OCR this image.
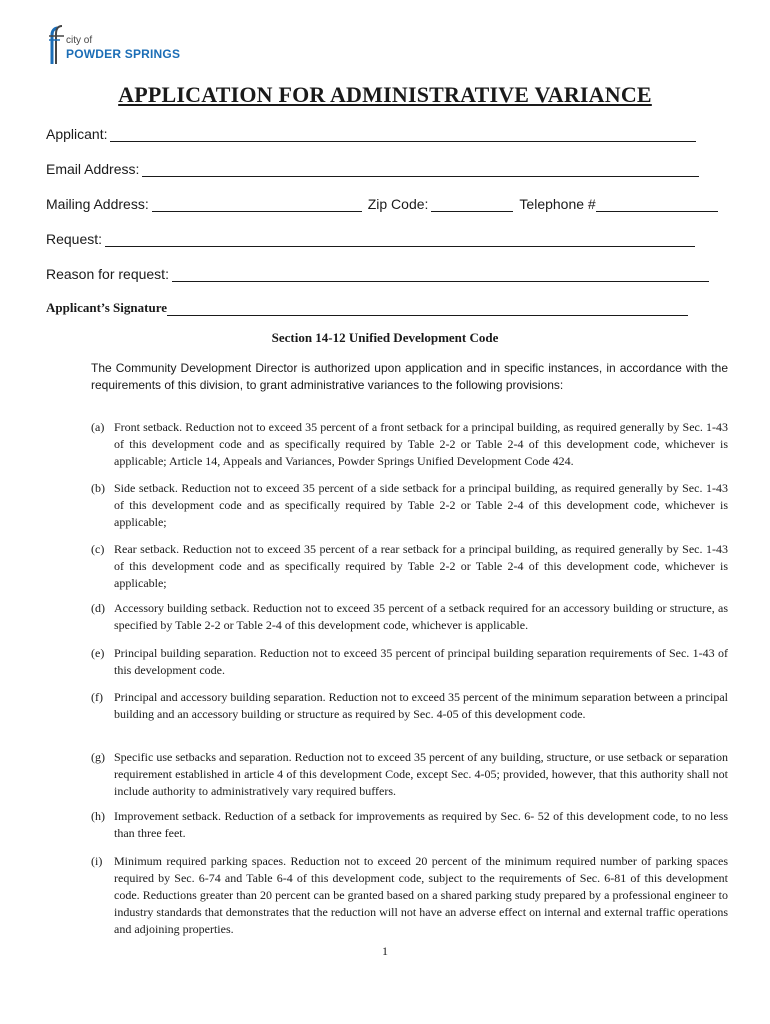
city of
POWDER SPRINGS
APPLICATION FOR ADMINISTRATIVE VARIANCE
Applicant:
Email Address:
Mailing Address:	Zip Code:	Telephone #
Request:
Reason for request:
Applicant’s Signature
Section 14-12 Unified Development Code
The Community Development Director is authorized upon application and in specific instances, in accordance with the requirements of this division, to grant administrative variances to the following provisions:
(a) Front setback. Reduction not to exceed 35 percent of a front setback for a principal building, as required generally by Sec. 1-43 of this development code and as specifically required by Table 2-2 or Table 2-4 of this development code, whichever is applicable; Article 14, Appeals and Variances, Powder Springs Unified Development Code 424.
(b) Side setback. Reduction not to exceed 35 percent of a side setback for a principal building, as required generally by Sec. 1-43 of this development code and as specifically required by Table 2-2 or Table 2-4 of this development code, whichever is applicable;
(c) Rear setback. Reduction not to exceed 35 percent of a rear setback for a principal building, as required generally by Sec. 1-43 of this development code and as specifically required by Table 2-2 or Table 2-4 of this development code, whichever is applicable;
(d) Accessory building setback. Reduction not to exceed 35 percent of a setback required for an accessory building or structure, as specified by Table 2-2 or Table 2-4 of this development code, whichever is applicable.
(e) Principal building separation. Reduction not to exceed 35 percent of principal building separation requirements of Sec. 1-43 of this development code.
(f) Principal and accessory building separation. Reduction not to exceed 35 percent of the minimum separation between a principal building and an accessory building or structure as required by Sec. 4-05 of this development code.
(g) Specific use setbacks and separation. Reduction not to exceed 35 percent of any building, structure, or use setback or separation requirement established in article 4 of this development Code, except Sec. 4-05; provided, however, that this authority shall not include authority to administratively vary required buffers.
(h) Improvement setback. Reduction of a setback for improvements as required by Sec. 6- 52 of this development code, to no less than three feet.
(i) Minimum required parking spaces. Reduction not to exceed 20 percent of the minimum required number of parking spaces required by Sec. 6-74 and Table 6-4 of this development code, subject to the requirements of Sec. 6-81 of this development code. Reductions greater than 20 percent can be granted based on a shared parking study prepared by a professional engineer to industry standards that demonstrates that the reduction will not have an adverse effect on internal and external traffic operations and adjoining properties.
1
